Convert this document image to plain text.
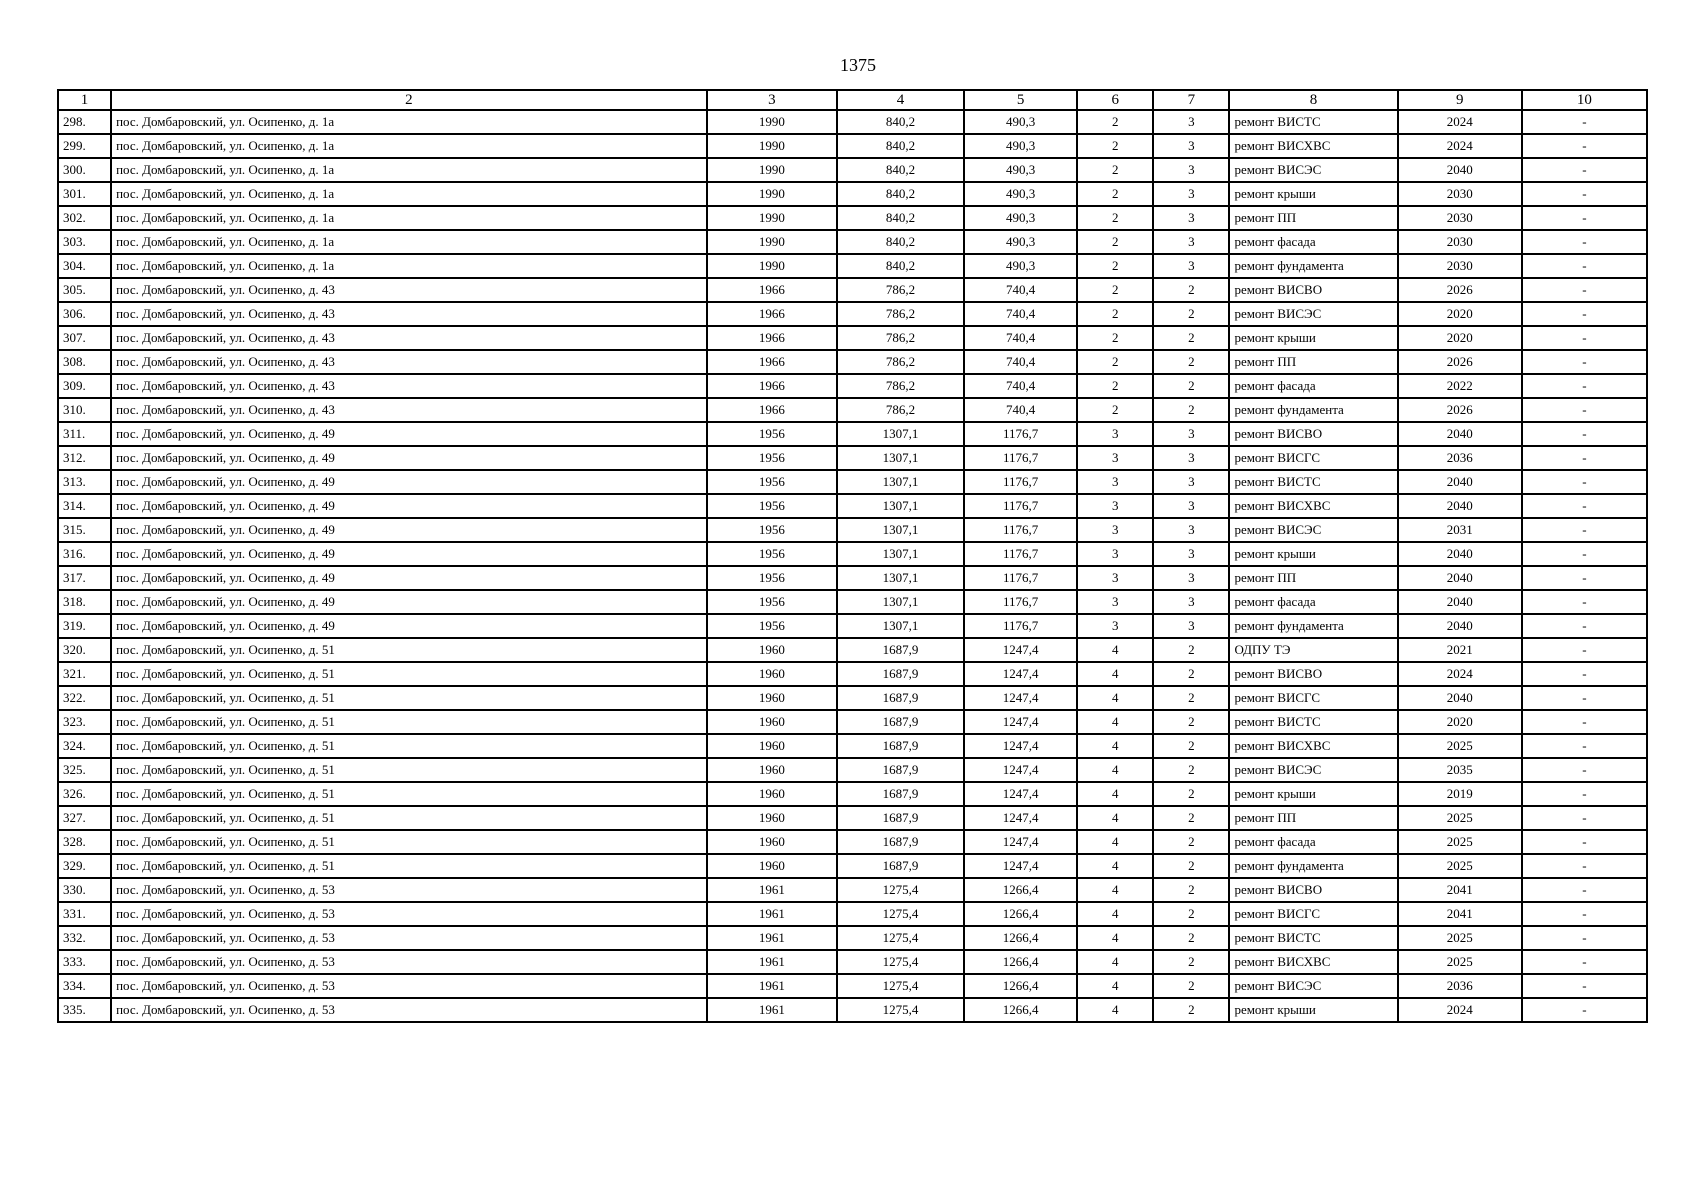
1375
1	2	3	4	5	6	7	8	9	10
298.	пос. Домбаровский, ул. Осипенко, д. 1а	1990	840,2	490,3	2	3	ремонт ВИСТС	2024	-
299.	пос. Домбаровский, ул. Осипенко, д. 1а	1990	840,2	490,3	2	3	ремонт ВИСХВС	2024	-
300.	пос. Домбаровский, ул. Осипенко, д. 1а	1990	840,2	490,3	2	3	ремонт ВИСЭС	2040	-
301.	пос. Домбаровский, ул. Осипенко, д. 1а	1990	840,2	490,3	2	3	ремонт крыши	2030	-
302.	пос. Домбаровский, ул. Осипенко, д. 1а	1990	840,2	490,3	2	3	ремонт ПП	2030	-
303.	пос. Домбаровский, ул. Осипенко, д. 1а	1990	840,2	490,3	2	3	ремонт фасада	2030	-
304.	пос. Домбаровский, ул. Осипенко, д. 1а	1990	840,2	490,3	2	3	ремонт фундамента	2030	-
305.	пос. Домбаровский, ул. Осипенко, д. 43	1966	786,2	740,4	2	2	ремонт ВИСВО	2026	-
306.	пос. Домбаровский, ул. Осипенко, д. 43	1966	786,2	740,4	2	2	ремонт ВИСЭС	2020	-
307.	пос. Домбаровский, ул. Осипенко, д. 43	1966	786,2	740,4	2	2	ремонт крыши	2020	-
308.	пос. Домбаровский, ул. Осипенко, д. 43	1966	786,2	740,4	2	2	ремонт ПП	2026	-
309.	пос. Домбаровский, ул. Осипенко, д. 43	1966	786,2	740,4	2	2	ремонт фасада	2022	-
310.	пос. Домбаровский, ул. Осипенко, д. 43	1966	786,2	740,4	2	2	ремонт фундамента	2026	-
311.	пос. Домбаровский, ул. Осипенко, д. 49	1956	1307,1	1176,7	3	3	ремонт ВИСВО	2040	-
312.	пос. Домбаровский, ул. Осипенко, д. 49	1956	1307,1	1176,7	3	3	ремонт ВИСГС	2036	-
313.	пос. Домбаровский, ул. Осипенко, д. 49	1956	1307,1	1176,7	3	3	ремонт ВИСТС	2040	-
314.	пос. Домбаровский, ул. Осипенко, д. 49	1956	1307,1	1176,7	3	3	ремонт ВИСХВС	2040	-
315.	пос. Домбаровский, ул. Осипенко, д. 49	1956	1307,1	1176,7	3	3	ремонт ВИСЭС	2031	-
316.	пос. Домбаровский, ул. Осипенко, д. 49	1956	1307,1	1176,7	3	3	ремонт крыши	2040	-
317.	пос. Домбаровский, ул. Осипенко, д. 49	1956	1307,1	1176,7	3	3	ремонт ПП	2040	-
318.	пос. Домбаровский, ул. Осипенко, д. 49	1956	1307,1	1176,7	3	3	ремонт фасада	2040	-
319.	пос. Домбаровский, ул. Осипенко, д. 49	1956	1307,1	1176,7	3	3	ремонт фундамента	2040	-
320.	пос. Домбаровский, ул. Осипенко, д. 51	1960	1687,9	1247,4	4	2	ОДПУ ТЭ	2021	-
321.	пос. Домбаровский, ул. Осипенко, д. 51	1960	1687,9	1247,4	4	2	ремонт ВИСВО	2024	-
322.	пос. Домбаровский, ул. Осипенко, д. 51	1960	1687,9	1247,4	4	2	ремонт ВИСГС	2040	-
323.	пос. Домбаровский, ул. Осипенко, д. 51	1960	1687,9	1247,4	4	2	ремонт ВИСТС	2020	-
324.	пос. Домбаровский, ул. Осипенко, д. 51	1960	1687,9	1247,4	4	2	ремонт ВИСХВС	2025	-
325.	пос. Домбаровский, ул. Осипенко, д. 51	1960	1687,9	1247,4	4	2	ремонт ВИСЭС	2035	-
326.	пос. Домбаровский, ул. Осипенко, д. 51	1960	1687,9	1247,4	4	2	ремонт крыши	2019	-
327.	пос. Домбаровский, ул. Осипенко, д. 51	1960	1687,9	1247,4	4	2	ремонт ПП	2025	-
328.	пос. Домбаровский, ул. Осипенко, д. 51	1960	1687,9	1247,4	4	2	ремонт фасада	2025	-
329.	пос. Домбаровский, ул. Осипенко, д. 51	1960	1687,9	1247,4	4	2	ремонт фундамента	2025	-
330.	пос. Домбаровский, ул. Осипенко, д. 53	1961	1275,4	1266,4	4	2	ремонт ВИСВО	2041	-
331.	пос. Домбаровский, ул. Осипенко, д. 53	1961	1275,4	1266,4	4	2	ремонт ВИСГС	2041	-
332.	пос. Домбаровский, ул. Осипенко, д. 53	1961	1275,4	1266,4	4	2	ремонт ВИСТС	2025	-
333.	пос. Домбаровский, ул. Осипенко, д. 53	1961	1275,4	1266,4	4	2	ремонт ВИСХВС	2025	-
334.	пос. Домбаровский, ул. Осипенко, д. 53	1961	1275,4	1266,4	4	2	ремонт ВИСЭС	2036	-
335.	пос. Домбаровский, ул. Осипенко, д. 53	1961	1275,4	1266,4	4	2	ремонт крыши	2024	-
